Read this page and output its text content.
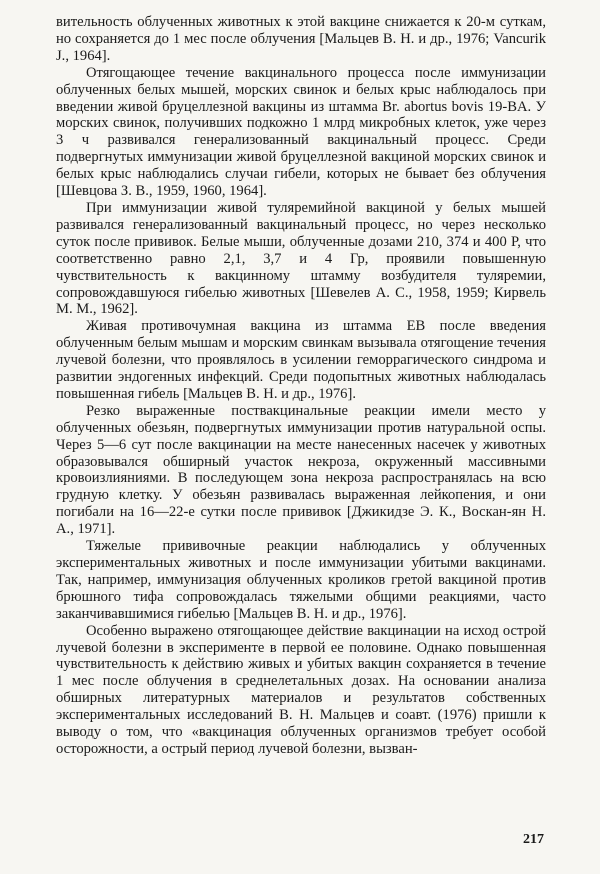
вительность облученных животных к этой вакцине снижается к 20-м суткам, но сохраняется до 1 мес после облучения [Мальцев В. Н. и др., 1976; Vancurik J., 1964].

Отягощающее течение вакцинального процесса после иммунизации облученных белых мышей, морских свинок и белых крыс наблюдалось при введении живой бруцеллезной вакцины из штамма Br. abortus bovis 19-BA. У морских свинок, получивших подкожно 1 млрд микробных клеток, уже через 3 ч развивался генерализованный вакцинальный процесс. Среди подвергнутых иммунизации живой бруцеллезной вакциной морских свинок и белых крыс наблюдались случаи гибели, которых не бывает без облучения [Шевцова З. В., 1959, 1960, 1964].

При иммунизации живой туляремийной вакциной у белых мышей развивался генерализованный вакцинальный процесс, но через несколько суток после прививок. Белые мыши, облученные дозами 210, 374 и 400 Р, что соответственно равно 2,1, 3,7 и 4 Гр, проявили повышенную чувствительность к вакцинному штамму возбудителя туляремии, сопровождавшуюся гибелью животных [Шевелев А. С., 1958, 1959; Кирвель М. М., 1962].

Живая противочумная вакцина из штамма ЕВ после введения облученным белым мышам и морским свинкам вызывала отягощение течения лучевой болезни, что проявлялось в усилении геморрагического синдрома и развитии эндогенных инфекций. Среди подопытных животных наблюдалась повышенная гибель [Мальцев В. Н. и др., 1976].

Резко выраженные поствакцинальные реакции имели место у облученных обезьян, подвергнутых иммунизации против натуральной оспы. Через 5—6 сут после вакцинации на месте нанесенных насечек у животных образовывался обширный участок некроза, окруженный массивными кровоизлияниями. В последующем зона некроза распространялась на всю грудную клетку. У обезьян развивалась выраженная лейкопения, и они погибали на 16—22-е сутки после прививок [Джикидзе Э. К., Воскан-ян Н. А., 1971].

Тяжелые прививочные реакции наблюдались у облученных экспериментальных животных и после иммунизации убитыми вакцинами. Так, например, иммунизация облученных кроликов гретой вакциной против брюшного тифа сопровождалась тяжелыми общими реакциями, часто заканчивавшимися гибелью [Мальцев В. Н. и др., 1976].

Особенно выражено отягощающее действие вакцинации на исход острой лучевой болезни в эксперименте в первой ее половине. Однако повышенная чувствительность к действию живых и убитых вакцин сохраняется в течение 1 мес после облучения в среднелетальных дозах. На основании анализа обширных литературных материалов и результатов собственных экспериментальных исследований В. Н. Мальцев и соавт. (1976) пришли к выводу о том, что «вакцинация облученных организмов требует особой осторожности, а острый период лучевой болезни, вызван-

217
